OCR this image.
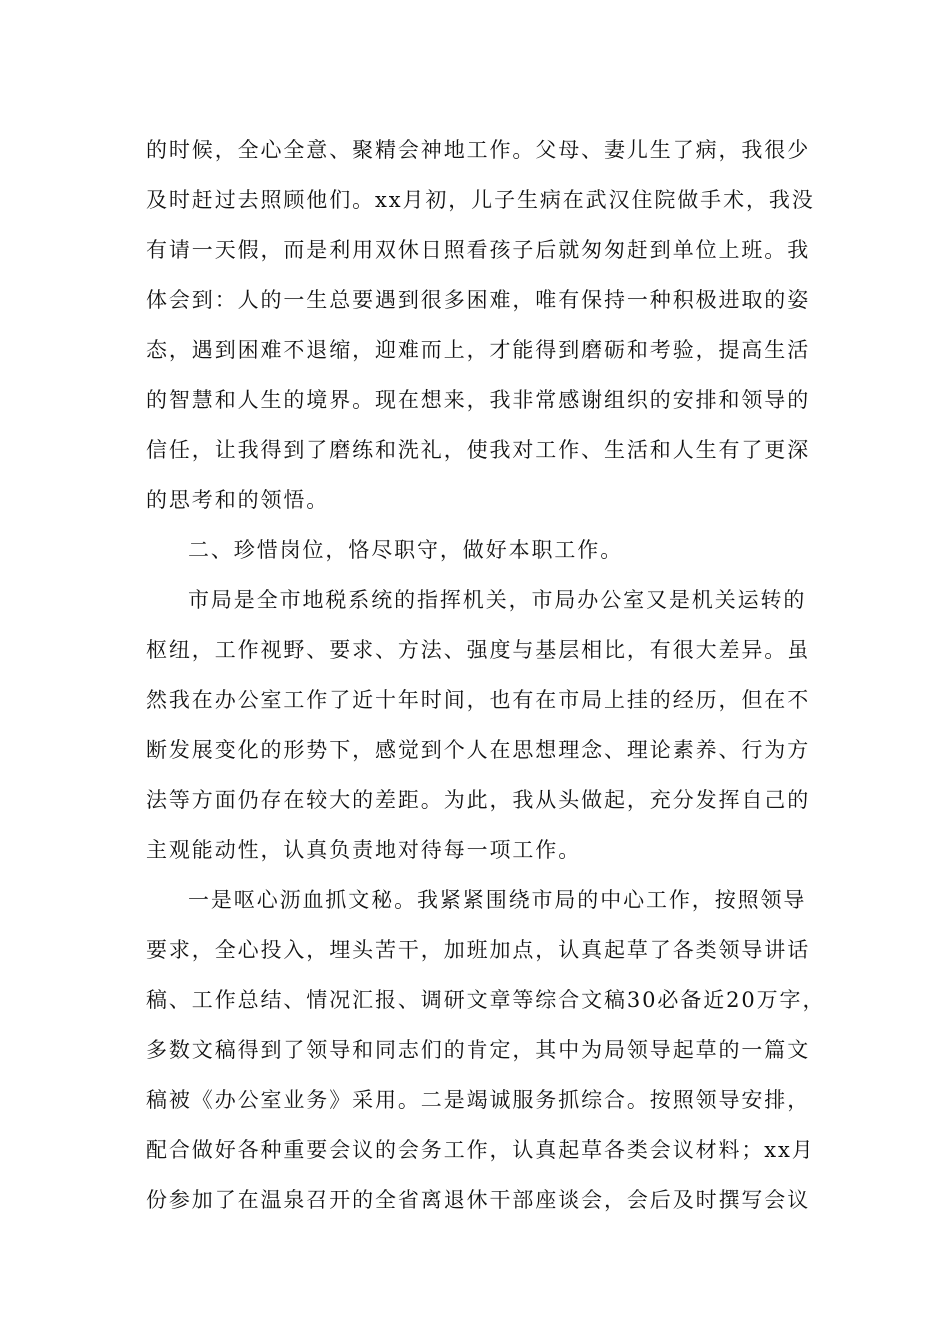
的时候，全心全意、聚精会神地工作。父母、妻儿生了病，我很少
及时赶过去照顾他们。xx月初，儿子生病在武汉住院做手术，我没
有请一天假，而是利用双休日照看孩子后就匆匆赶到单位上班。我
体会到：人的一生总要遇到很多困难，唯有保持一种积极进取的姿
态，遇到困难不退缩，迎难而上，才能得到磨砺和考验，提高生活
的智慧和人生的境界。现在想来，我非常感谢组织的安排和领导的
信任，让我得到了磨练和洗礼，使我对工作、生活和人生有了更深
的思考和的领悟。
二、珍惜岗位，恪尽职守，做好本职工作。
市局是全市地税系统的指挥机关，市局办公室又是机关运转的
枢纽，工作视野、要求、方法、强度与基层相比，有很大差异。虽
然我在办公室工作了近十年时间，也有在市局上挂的经历，但在不
断发展变化的形势下，感觉到个人在思想理念、理论素养、行为方
法等方面仍存在较大的差距。为此，我从头做起，充分发挥自己的
主观能动性，认真负责地对待每一项工作。
一是呕心沥血抓文秘。我紧紧围绕市局的中心工作，按照领导
要求，全心投入，埋头苦干，加班加点，认真起草了各类领导讲话
稿、工作总结、情况汇报、调研文章等综合文稿30必备近20万字，
多数文稿得到了领导和同志们的肯定，其中为局领导起草的一篇文
稿被《办公室业务》采用。二是竭诚服务抓综合。按照领导安排，
配合做好各种重要会议的会务工作，认真起草各类会议材料；xx月
份参加了在温泉召开的全省离退休干部座谈会，会后及时撰写会议
